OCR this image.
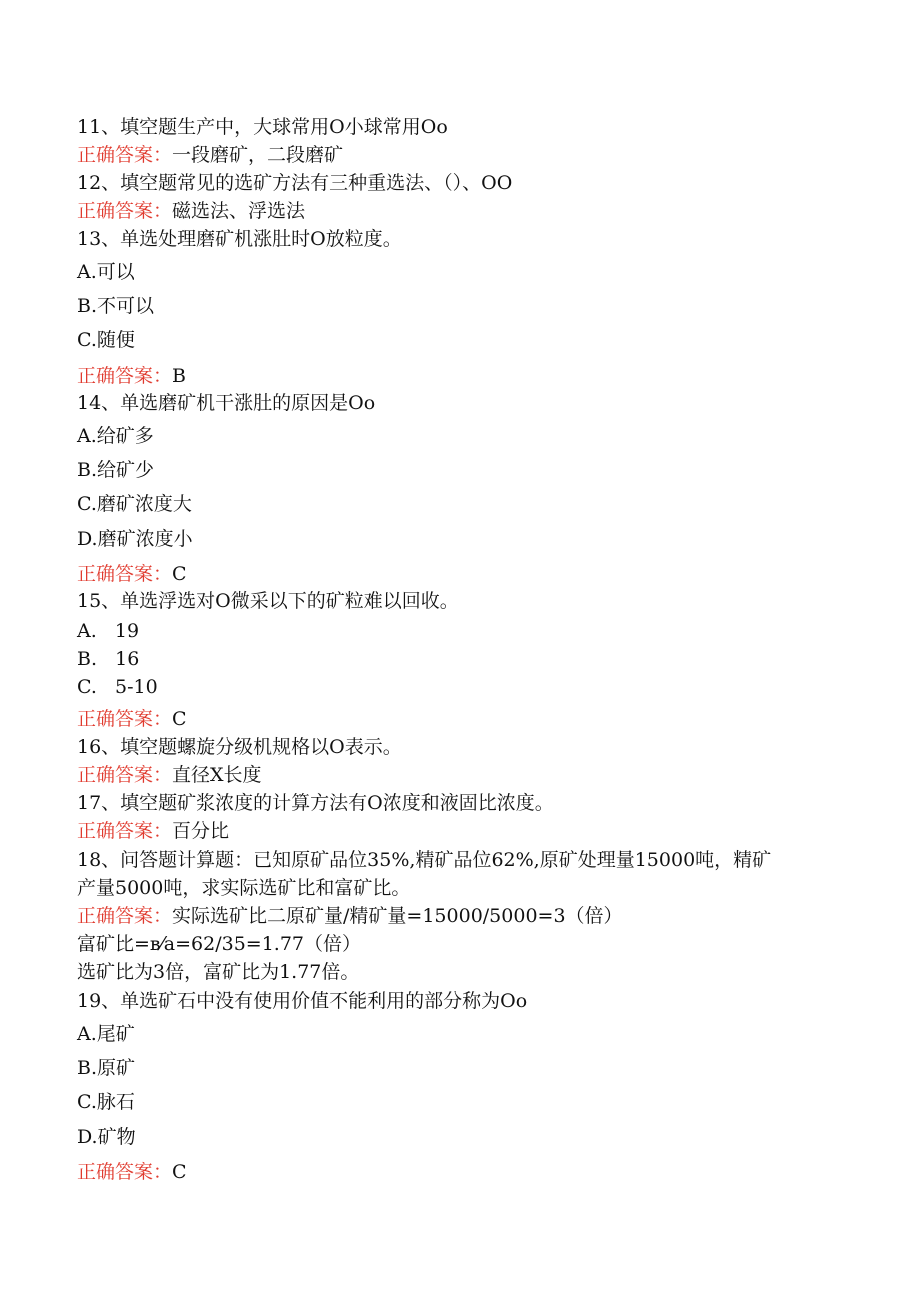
11、填空题生产中，大球常用O小球常用Oo
正确答案：一段磨矿，二段磨矿
12、填空题常见的选矿方法有三种重选法、（）、OO
正确答案：磁选法、浮选法
13、单选处理磨矿机涨肚时O放粒度。
A.可以
B.不可以
C.随便
正确答案：B
14、单选磨矿机干涨肚的原因是Oo
A.给矿多
B.给矿少
C.磨矿浓度大
D.磨矿浓度小
正确答案：C
15、单选浮选对O微采以下的矿粒难以回收。
A.   19
B.   16
C.   5-10
正确答案：C
16、填空题螺旋分级机规格以O表示。
正确答案：直径X长度
17、填空题矿浆浓度的计算方法有O浓度和液固比浓度。
正确答案：百分比
18、问答题计算题：已知原矿品位35%,精矿品位62%,原矿处理量15000吨，精矿
产量5000吨，求实际选矿比和富矿比。
正确答案：实际选矿比二原矿量/精矿量=15000/5000=3（倍）
富矿比=в⁄a=62/35=1.77（倍）
选矿比为3倍，富矿比为1.77倍。
19、单选矿石中没有使用价值不能利用的部分称为Oo
A.尾矿
B.原矿
C.脉石
D.矿物
正确答案：C
